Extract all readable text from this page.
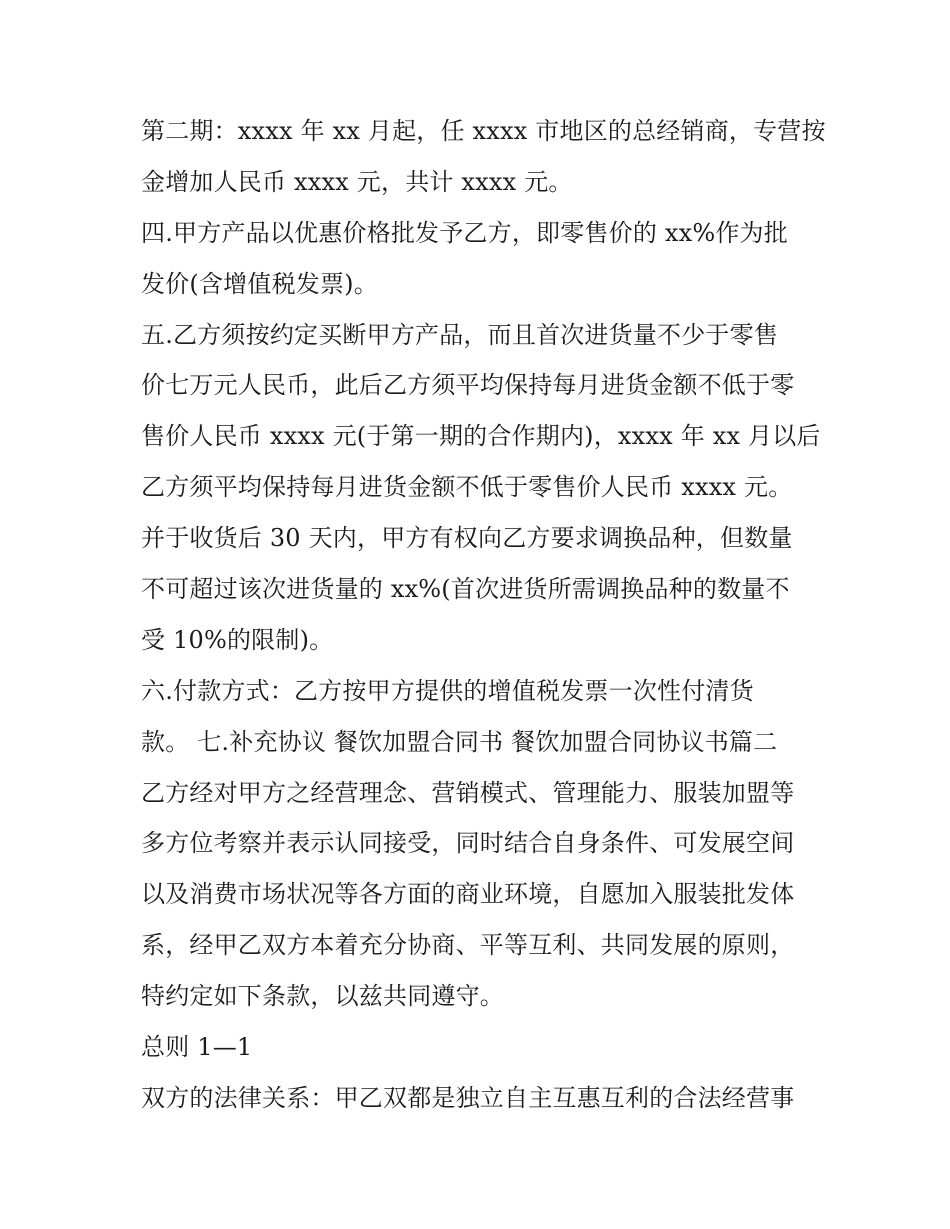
第二期：xxxx 年 xx 月起，任 xxxx 市地区的总经销商，专营按
金增加人民币 xxxx 元，共计 xxxx 元。
四.甲方产品以优惠价格批发予乙方，即零售价的 xx%作为批
发价(含增值税发票)。
五.乙方须按约定买断甲方产品，而且首次进货量不少于零售
价七万元人民币，此后乙方须平均保持每月进货金额不低于零
售价人民币 xxxx 元(于第一期的合作期内)，xxxx 年 xx 月以后
乙方须平均保持每月进货金额不低于零售价人民币 xxxx 元。
并于收货后 30 天内，甲方有权向乙方要求调换品种，但数量
不可超过该次进货量的 xx%(首次进货所需调换品种的数量不
受 10%的限制)。
六.付款方式：乙方按甲方提供的增值税发票一次性付清货
款。 七.补充协议 餐饮加盟合同书 餐饮加盟合同协议书篇二
乙方经对甲方之经营理念、营销模式、管理能力、服装加盟等
多方位考察并表示认同接受，同时结合自身条件、可发展空间
以及消费市场状况等各方面的商业环境，自愿加入服装批发体
系，经甲乙双方本着充分协商、平等互利、共同发展的原则，
特约定如下条款，以兹共同遵守。
总则 1—1
双方的法律关系：甲乙双都是独立自主互惠互利的合法经营事
